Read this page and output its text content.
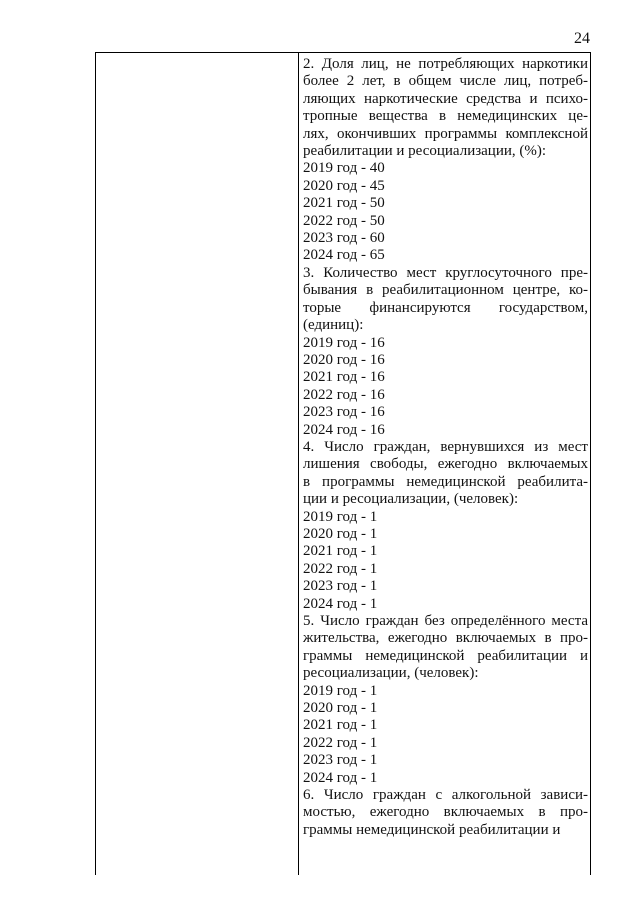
24
2. Доля лиц, не потребляющих наркотики
более 2 лет, в общем числе лиц, потреб-
ляющих наркотические средства и психо-
тропные вещества в немедицинских це-
лях, окончивших программы комплексной
реабилитации и ресоциализации, (%):
2019 год - 40
2020 год - 45
2021 год - 50
2022 год - 50
2023 год - 60
2024 год - 65
3. Количество мест круглосуточного пре-
бывания в реабилитационном центре, ко-
торые финансируются государством,
(единиц):
2019 год - 16
2020 год - 16
2021 год - 16
2022 год - 16
2023 год - 16
2024 год - 16
4. Число граждан, вернувшихся из мест
лишения свободы, ежегодно включаемых
в программы немедицинской реабилита-
ции и ресоциализации, (человек):
2019 год - 1
2020 год - 1
2021 год - 1
2022 год - 1
2023 год - 1
2024 год - 1
5. Число граждан без определённого места
жительства, ежегодно включаемых в про-
граммы немедицинской реабилитации и
ресоциализации, (человек):
2019 год - 1
2020 год - 1
2021 год - 1
2022 год - 1
2023 год - 1
2024 год - 1
6. Число граждан с алкогольной зависи-
мостью, ежегодно включаемых в про-
граммы немедицинской реабилитации и
